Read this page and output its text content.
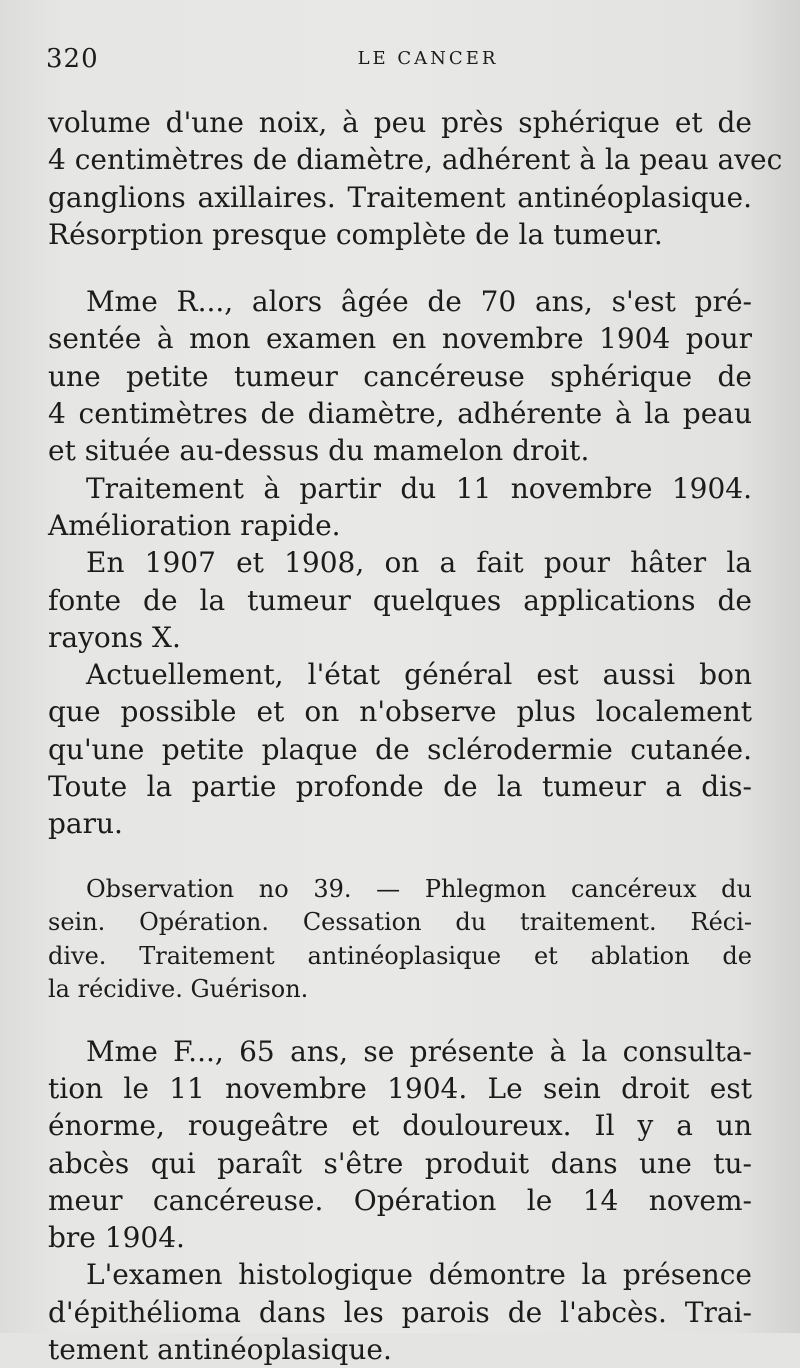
320	LE CANCER
volume d'une noix, à peu près sphérique et de
4 centimètres de diamètre, adhérent à la peau avec
ganglions axillaires. Traitement antinéoplasique.
Résorption presque complète de la tumeur.
Mme R..., alors âgée de 70 ans, s'est pré-
sentée à mon examen en novembre 1904 pour
une petite tumeur cancéreuse sphérique de
4 centimètres de diamètre, adhérente à la peau
et située au-dessus du mamelon droit.
Traitement à partir du 11 novembre 1904.
Amélioration rapide.
En 1907 et 1908, on a fait pour hâter la
fonte de la tumeur quelques applications de
rayons X.
Actuellement, l'état général est aussi bon
que possible et on n'observe plus localement
qu'une petite plaque de sclérodermie cutanée.
Toute la partie profonde de la tumeur a dis-
paru.
Observation no 39. — Phlegmon cancéreux du
sein. Opération. Cessation du traitement. Réci-
dive. Traitement antinéoplasique et ablation de
la récidive. Guérison.
Mme F..., 65 ans, se présente à la consulta-
tion le 11 novembre 1904. Le sein droit est
énorme, rougeâtre et douloureux. Il y a un
abcès qui paraît s'être produit dans une tu-
meur cancéreuse. Opération le 14 novem-
bre 1904.
L'examen histologique démontre la présence
d'épithélioma dans les parois de l'abcès. Trai-
tement antinéoplasique.
